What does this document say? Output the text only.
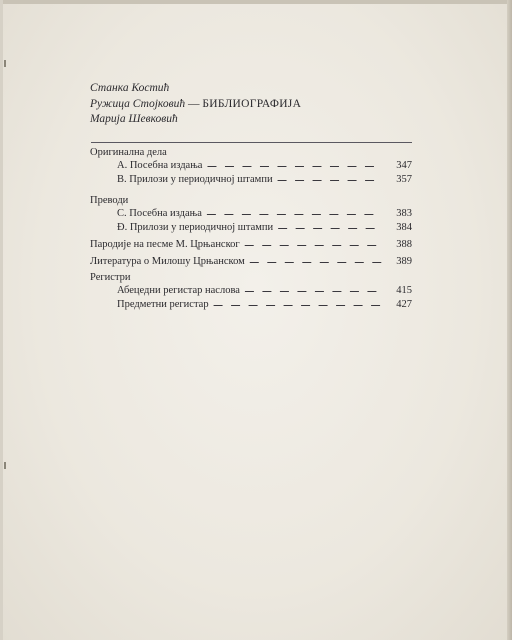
Станка Костић
Ружица Стојковић — БИБЛИОГРАФИЈА
Марија Шевковић
Оригинална дела
А. Посебна издања	347
В. Прилози у периодичној штампи	357
Преводи
С. Посебна издања	383
Ɖ. Прилози у периодичној штампи	384
Пародије на песме М. Црњанског	388
Литература о Милошу Црњанском	389
Регистри
Абецедни регистар наслова	415
Предметни регистар	427
